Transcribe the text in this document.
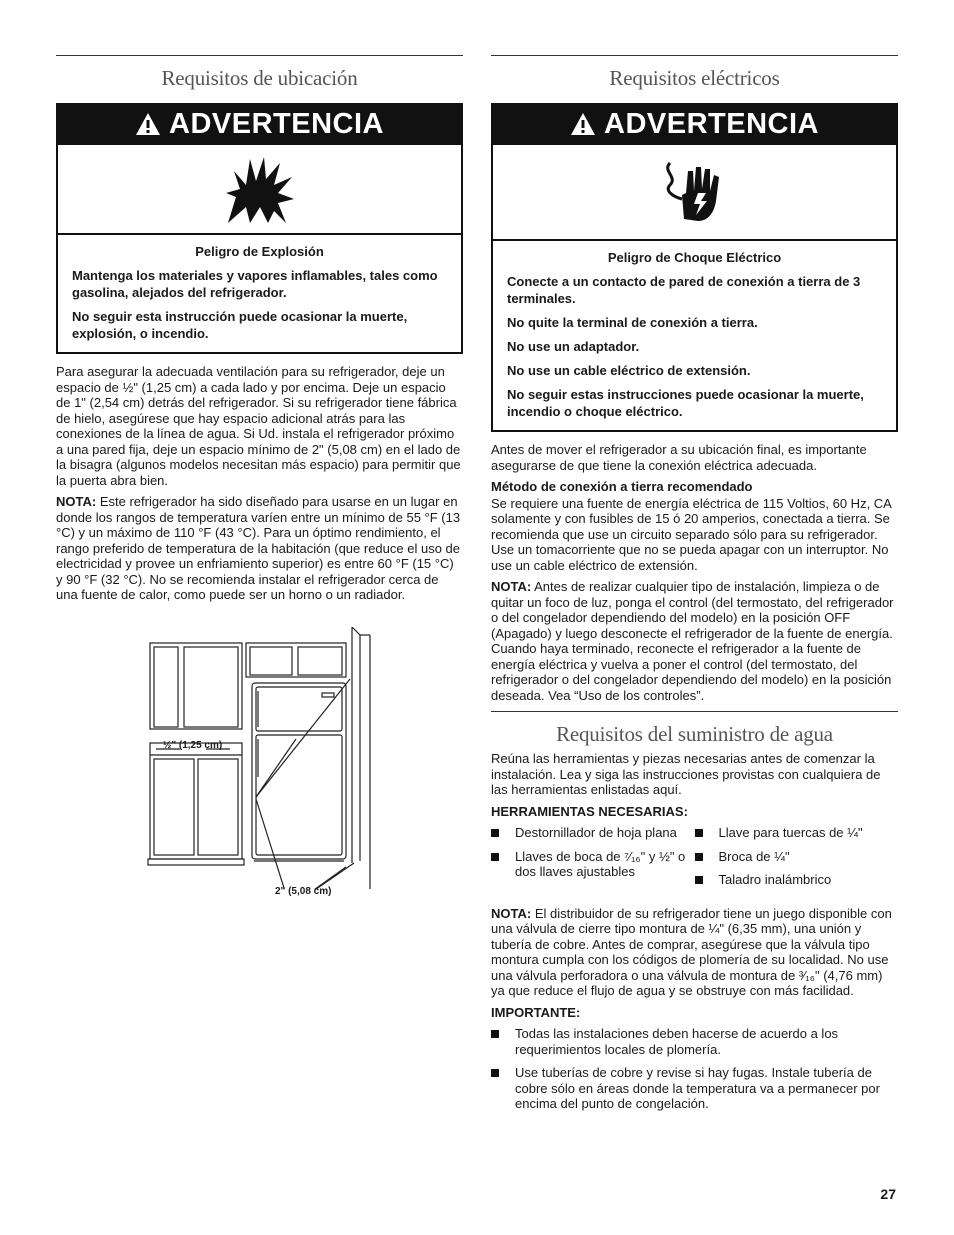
Requisitos de ubicación
ADVERTENCIA
Peligro de Explosión

Mantenga los materiales y vapores inflamables, tales como gasolina, alejados del refrigerador.

No seguir esta instrucción puede ocasionar la muerte, explosión, o incendio.

Para asegurar la adecuada ventilación para su refrigerador, deje un espacio de ½" (1,25 cm) a cada lado y por encima. Deje un espacio de 1" (2,54 cm) detrás del refrigerador. Si su refrigerador tiene fábrica de hielo, asegúrese que hay espacio adicional atrás para las conexiones de la línea de agua. Si Ud. instala el refrigerador próximo a una pared fija, deje un espacio mínimo de 2" (5,08 cm) en el lado de la bisagra (algunos modelos necesitan más espacio) para permitir que la puerta abra bien.

NOTA: Este refrigerador ha sido diseñado para usarse en un lugar en donde los rangos de temperatura varíen entre un mínimo de 55 °F (13 °C) y un máximo de 110 °F (43 °C). Para un óptimo rendimiento, el rango preferido de temperatura de la habitación (que reduce el uso de electricidad y provee un enfriamiento superior) es entre 60 °F (15 °C) y 90 °F (32 °C). No se recomienda instalar el refrigerador cerca de una fuente de calor, como puede ser un horno o un radiador.

½" (1,25 cm)
2" (5,08 cm)
Requisitos eléctricos
ADVERTENCIA
Peligro de Choque Eléctrico

Conecte a un contacto de pared de conexión a tierra de 3 terminales.

No quite la terminal de conexión a tierra.

No use un adaptador.

No use un cable eléctrico de extensión.

No seguir estas instrucciones puede ocasionar la muerte, incendio o choque eléctrico.

Antes de mover el refrigerador a su ubicación final, es importante asegurarse de que tiene la conexión eléctrica adecuada.

Método de conexión a tierra recomendado

Se requiere una fuente de energía eléctrica de 115 Voltios, 60 Hz, CA solamente y con fusibles de 15 ó 20 amperios, conectada a tierra. Se recomienda que use un circuito separado sólo para su refrigerador. Use un tomacorriente que no se pueda apagar con un interruptor. No use un cable eléctrico de extensión.

NOTA: Antes de realizar cualquier tipo de instalación, limpieza o de quitar un foco de luz, ponga el control (del termostato, del refrigerador o del congelador dependiendo del modelo) en la posición OFF (Apagado) y luego desconecte el refrigerador de la fuente de energía. Cuando haya terminado, reconecte el refrigerador a la fuente de energía eléctrica y vuelva a poner el control (del termostato, del refrigerador o del congelador dependiendo del modelo) en la posición deseada. Vea “Uso de los controles”.

Requisitos del suministro de agua

Reúna las herramientas y piezas necesarias antes de comenzar la instalación. Lea y siga las instrucciones provistas con cualquiera de las herramientas enlistadas aquí.

HERRAMIENTAS NECESARIAS:
Destornillador de hoja plana
Llaves de boca de ⁷⁄₁₆" y ½" o dos llaves ajustables
Llave para tuercas de ¼"
Broca de ¼"
Taladro inalámbrico

NOTA: El distribuidor de su refrigerador tiene un juego disponible con una válvula de cierre tipo montura de ¼" (6,35 mm), una unión y tubería de cobre. Antes de comprar, asegúrese que la válvula tipo montura cumpla con los códigos de plomería de su localidad. No use una válvula perforadora o una válvula de montura de ³⁄₁₆" (4,76 mm) ya que reduce el flujo de agua y se obstruye con más facilidad.

IMPORTANTE:
Todas las instalaciones deben hacerse de acuerdo a los requerimientos locales de plomería.
Use tuberías de cobre y revise si hay fugas. Instale tubería de cobre sólo en áreas donde la temperatura va a permanecer por encima del punto de congelación.
27
